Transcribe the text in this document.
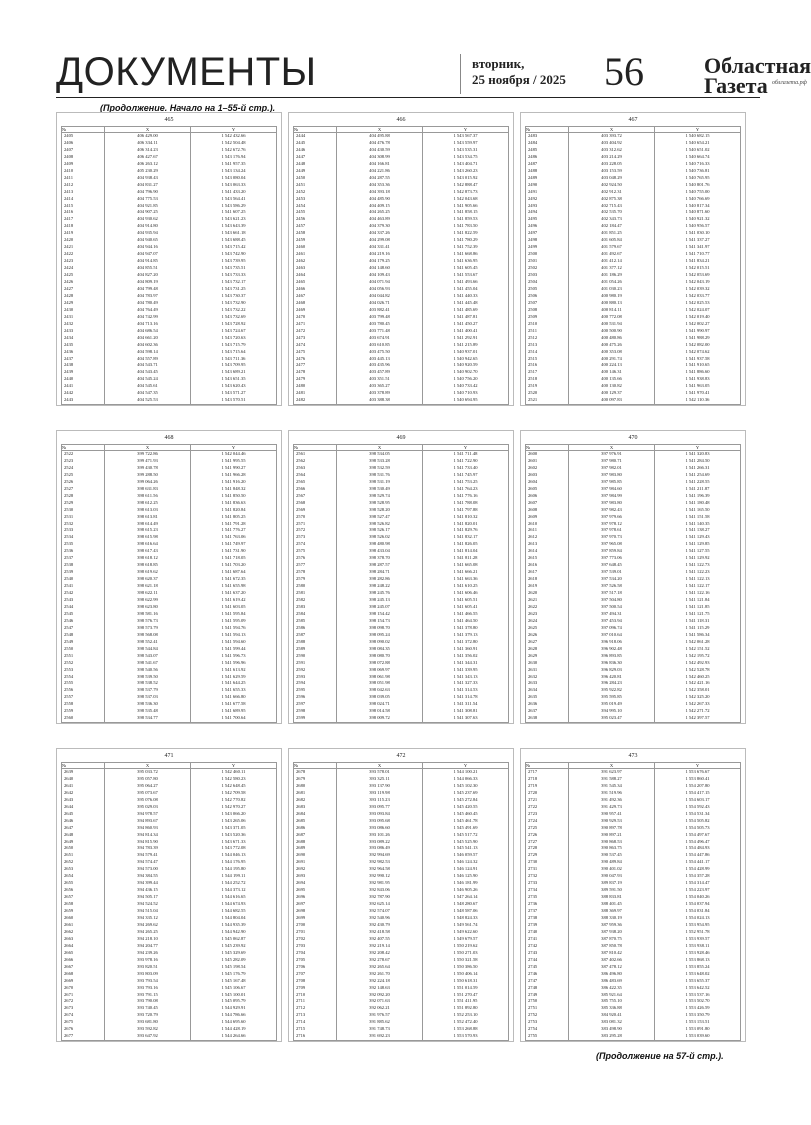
ДОКУМЕНТЫ	вторник,
25 ноября / 2025 56	Областная
Газета облгазета.рф
(Продолжение. Начало на 1–55-й стр.).
465
№	X	Y
2405	406 429.00	1 542 432.66
2406	406 334.11	1 542 504.48
2407	406 314.23	1 542 672.76
2408	406 427.67	1 543 176.94
2409	406 263.12	1 541 957.35
2410	405 230.29	1 543 134.24
2411	404 938.43	1 543 080.04
2412	404 831.27	1 543 063.33
2413	404 796.90	1 541 433.20
2414	404 775.53	1 543 564.41
2415	404 921.85	1 543 586.29
2416	404 907.25	1 541 607.25
2417	404 930.62	1 543 621.23
2418	404 914.80	1 543 643.39
2419	404 935.94	1 543 661.18
2420	404 940.65	1 543 688.45
2421	404 944.16	1 543 715.42
2422	404 947.07	1 543 742.90
2423	404 914.85	1 543 739.95
2424	404 855.51	1 543 735.51
2425	404 827.20	1 543 733.33
2426	404 809.19	1 543 732.17
2427	404 799.48	1 543 731.25
2428	404 783.97	1 543 730.37
2429	404 780.49	1 543 732.90
2430	404 764.49	1 543 732.22
2431	404 742.99	1 543 732.69
2432	404 713.16	1 543 728.92
2433	404 686.54	1 543 724.67
2434	404 661.20	1 543 720.63
2435	404 602.36	1 543 715.79
2436	404 598.14	1 543 715.64
2437	404 557.89	1 543 711.36
2438	404 543.71	1 543 709.95
2439	404 543.45	1 543 689.21
2440	404 545.24	1 543 651.35
2441	404 545.61	1 543 620.43
2442	404 547.35	1 543 571.27
2443	404 525.53	1 543 570.51
466
№	X	Y
2444	404 495.88	1 543 567.37
2445	404 476.78	1 543 559.97
2446	404 430.59	1 543 535.31
2447	404 308.99	1 543 534.75
2448	404 166.81	1 543 404.71
2449	404 221.86	1 543 260.23
2450	404 287.55	1 543 015.92
2451	404 353.36	1 542 888.47
2452	404 393.18	1 542 873.73
2453	404 485.90	1 542 043.68
2454	404 409.15	1 541 905.66
2455	404 265.25	1 541 858.15
2456	404 463.89	1 541 859.53
2457	404 379.30	1 541 783.50
2458	404 337.26	1 541 822.59
2459	404 299.08	1 541 780.29
2460	404 331.41	1 541 752.39
2461	404 219.16	1 541 668.86
2462	404 179.25	1 541 636.95
2463	404 148.60	1 541 605.45
2464	404 109.43	1 541 553.67
2465	404 071.94	1 541 493.66
2466	404 056.93	1 541 455.04
2467	404 044.82	1 541 440.33
2468	404 026.71	1 541 445.48
2469	403 882.41	1 541 485.69
2470	403 799.48	1 541 487.81
2471	403 780.45	1 541 450.27
2472	403 771.48	1 541 400.41
2473	403 674.91	1 541 292.91
2474	403 610.85	1 541 215.89
2475	403 475.50	1 540 937.01
2476	403 445.13	1 540 942.65
2477	403 435.96	1 540 920.59
2478	403 457.89	1 540 902.70
2479	403 351.51	1 540 756.20
2480	403 365.27	1 540 733.42
2481	403 378.89	1 540 710.93
2482	403 388.38	1 540 694.95
467
№	X	Y
2483	403 393.72	1 540 682.15
2484	403 404.92	1 540 654.21
2485	403 312.62	1 540 651.02
2486	403 214.29	1 540 664.74
2487	403 228.05	1 540 716.33
2488	403 153.59	1 540 736.81
2489	403 048.29	1 540 765.95
2490	402 924.50	1 540 801.76
2491	402 912.31	1 540 755.00
2492	402 875.38	1 540 766.69
2493	402 715.43	1 540 817.34
2494	402 535.70	1 540 871.60
2495	402 343.73	1 540 921.32
2496	402 184.47	1 540 956.57
2497	401 851.25	1 541 030.10
2498	401 605.84	1 541 337.27
2499	401 579.67	1 541 341.97
2500	401 492.67	1 541 710.77
2501	401 412.14	1 541 834.21
2502	401 377.12	1 542 015.51
2503	401 186.29	1 542 053.69
2504	401 054.26	1 542 043.19
2505	401 030.23	1 542 039.32
2506	400 980.19	1 542 033.77
2507	400 880.13	1 542 025.53
2508	400 814.11	1 542 024.07
2509	400 772.08	1 542 019.40
2510	400 531.94	1 542 002.27
2511	400 500.90	1 541 990.97
2512	400 480.86	1 541 988.29
2513	400 475.26	1 542 082.00
2514	400 353.08	1 542 074.62
2515	400 291.74	1 541 937.58
2516	400 224.13	1 541 910.65
2517	400 146.31	1 541 886.60
2518	400 135.66	1 541 938.83
2519	400 130.82	1 541 963.05
2520	400 129.37	1 541 970.41
2521	400 097.83	1 542 110.36
468
№	X	Y
2522	399 722.86	1 542 044.46
2523	399 471.93	1 541 995.55
2524	399 430.78	1 541 990.27
2525	399 288.50	1 541 966.28
2526	399 064.26	1 541 916.20
2527	398 631.83	1 541 848.32
2528	398 611.56	1 541 850.50
2529	398 612.25	1 541 836.63
2530	398 613.03	1 541 820.84
2531	398 613.81	1 541 805.25
2532	398 614.49	1 541 791.28
2533	398 615.23	1 541 776.27
2534	398 615.98	1 541 763.06
2535	398 616.64	1 541 749.97
2536	398 617.43	1 541 731.90
2537	398 618.12	1 541 718.05
2538	398 618.85	1 541 703.20
2539	398 619.62	1 541 687.64
2540	398 620.37	1 541 672.35
2541	398 621.18	1 541 655.98
2542	398 622.11	1 541 637.20
2543	398 622.99	1 541 619.42
2544	398 623.80	1 541 603.05
2545	398 581.16	1 541 595.84
2546	398 576.73	1 541 595.09
2547	398 573.79	1 541 594.76
2548	398 568.08	1 541 594.13
2549	398 552.41	1 541 594.60
2550	398 544.84	1 541 599.44
2551	398 543.07	1 541 596.73
2552	398 541.67	1 541 596.96
2553	398 540.56	1 541 613.92
2554	398 539.50	1 541 629.59
2555	398 538.52	1 541 644.25
2556	398 537.79	1 541 655.33
2557	398 537.03	1 541 666.80
2558	398 536.30	1 541 677.58
2559	398 535.48	1 541 689.95
2560	398 534.77	1 541 700.64
469
№	X	Y
2561	398 534.05	1 541 711.48
2562	398 533.28	1 541 722.90
2563	398 532.59	1 541 733.40
2564	398 531.76	1 541 745.97
2565	398 531.19	1 541 753.25
2566	398 530.49	1 541 764.23
2567	398 529.74	1 541 776.16
2568	398 528.95	1 541 788.08
2569	398 528.20	1 541 797.88
2570	398 527.47	1 541 810.32
2571	398 526.82	1 541 820.01
2572	398 526.17	1 541 829.76
2573	398 526.02	1 541 832.17
2574	398 480.98	1 541 826.05
2575	398 433.04	1 541 814.04
2576	398 378.70	1 541 811.28
2577	398 287.57	1 541 665.08
2578	398 284.71	1 541 666.21
2579	398 282.86	1 541 663.36
2580	398 248.22	1 541 610.25
2581	398 245.76	1 541 606.46
2582	398 245.13	1 541 605.51
2583	398 245.07	1 541 605.41
2584	398 154.42	1 541 466.55
2585	398 154.73	1 541 464.50
2586	398 098.70	1 541 378.80
2587	398 095.24	1 541 379.13
2588	398 090.02	1 541 372.80
2589	398 084.35	1 541 360.91
2590	398 080.70	1 541 356.02
2591	398 072.88	1 541 344.31
2592	398 069.97	1 541 339.95
2593	398 061.98	1 541 343.13
2594	398 051.98	1 541 327.33
2595	398 042.63	1 541 314.53
2596	398 039.05	1 541 314.78
2597	398 024.71	1 541 311.54
2598	398 014.58	1 541 308.81
2599	398 009.72	1 541 307.63
470
№	X	Y
2600	397 976.91	1 541 320.83
2601	397 980.71	1 541 284.50
2602	397 982.01	1 541 266.31
2603	397 983.80	1 541 254.69
2604	397 985.85	1 541 228.55
2605	397 984.60	1 541 211.87
2606	397 984.99	1 541 196.39
2607	397 983.80	1 541 180.48
2608	397 982.43	1 541 165.50
2609	397 979.66	1 541 151.58
2610	397 978.12	1 541 140.35
2611	397 978.61	1 541 138.27
2612	397 970.73	1 541 129.43
2613	397 965.08	1 541 129.85
2614	397 859.84	1 541 127.55
2615	397 773.06	1 541 129.92
2616	397 648.45	1 541 122.73
2617	397 539.01	1 541 122.23
2618	397 534.20	1 541 122.13
2619	397 526.58	1 541 122.17
2620	397 517.18	1 541 122.16
2621	397 504.80	1 541 121.84
2622	397 500.54	1 541 121.85
2623	397 494.31	1 541 121.75
2624	397 453.94	1 541 118.31
2625	397 096.74	1 541 115.29
2626	397 010.64	1 541 586.34
2627	396 918.06	1 542 061.28
2628	396 902.48	1 542 151.52
2629	396 893.85	1 542 195.72
2630	396 836.30	1 542 492.93
2631	396 829.03	1 542 528.78
2632	396 420.81	1 542 460.25
2633	396 284.23	1 542 421.16
2634	395 922.82	1 542 358.01
2635	395 595.85	1 542 325.20
2636	395 019.49	1 542 267.33
2637	394 995.10	1 542 271.72
2638	395 023.47	1 542 397.57
471
№	X	Y
2639	395 033.72	1 542 460.11
2640	395 057.80	1 542 580.23
2641	395 064.27	1 542 648.45
2642	395 073.67	1 542 709.58
2643	395 076.08	1 542 770.82
2644	395 029.03	1 542 970.27
2645	394 978.57	1 543 066.20
2646	394 893.67	1 543 265.06
2647	394 860.93	1 543 371.05
2648	394 814.34	1 543 520.36
2649	394 815.90	1 543 671.33
2650	394 783.39	1 543 772.08
2651	394 579.41	1 544 046.13
2652	394 574.47	1 544 176.95
2653	394 573.00	1 544 195.80
2654	394 384.55	1 544 199.11
2655	394 399.44	1 544 252.72
2656	394 436.15	1 544 373.12
2657	394 505.17	1 544 616.65
2658	394 524.52	1 544 674.93
2659	394 515.04	1 544 682.55
2660	394 335.12	1 544 804.04
2661	394 269.62	1 544 935.39
2662	394 265.25	1 544 942.90
2663	394 218.10	1 545 062.87
2664	394 204.77	1 545 239.92
2665	394 239.26	1 545 329.69
2666	393 978.16	1 545 282.09
2667	393 820.51	1 545 198.54
2668	393 803.09	1 545 176.79
2669	393 793.54	1 545 167.48
2670	393 793.16	1 545 106.67
2671	393 791.15	1 545 100.01
2672	393 790.08	1 545 095.79
2673	393 740.45	1 544 929.91
2674	393 720.79	1 544 786.66
2675	393 681.80	1 544 695.60
2676	393 592.82	1 544 428.19
2677	393 647.92	1 544 264.66
472
№	X	Y
2678	393 578.01	1 544 100.21
2679	393 325.11	1 544 066.33
2680	393 137.90	1 545 102.30
2681	393 119.98	1 545 237.69
2682	393 115.23	1 545 272.84
2683	393 095.77	1 545 420.55
2684	393 093.84	1 545 460.45
2685	393 095.68	1 545 461.78
2686	393 086.60	1 545 491.69
2687	393 101.26	1 545 517.72
2688	393 089.22	1 545 525.90
2689	393 086.49	1 545 541.13
2690	392 994.69	1 546 059.57
2691	392 982.53	1 546 124.32
2692	392 964.58	1 546 124.91
2693	392 990.12	1 546 125.90
2694	392 981.95	1 546 181.99
2695	392 843.06	1 546 905.26
2696	392 787.90	1 547 264.14
2697	392 625.14	1 548 280.67
2698	392 574.07	1 548 587.06
2699	392 540.96	1 548 824.33
2700	392 430.79	1 549 561.74
2701	392 418.58	1 549 622.60
2702	392 407.55	1 549 679.57
2703	392 219.14	1 550 219.62
2704	392 208.42	1 550 271.03
2705	392 278.67	1 550 321.58
2706	392 265.64	1 550 386.50
2707	392 261.70	1 550 406.14
2708	392 224.18	1 550 618.31
2709	392 148.63	1 551 014.59
2710	392 092.20	1 551 270.47
2711	392 071.63	1 551 411.95
2712	392 062.21	1 551 892.80
2713	391 976.57	1 552 253.10
2714	391 885.62	1 552 472.40
2715	391 748.73	1 553 268.88
2716	391 692.23	1 553 570.93
473
№	X	Y
2717	391 623.97	1 553 676.67
2718	391 588.27	1 553 860.41
2719	391 545.34	1 554 207.80
2720	391 519.96	1 554 417.15
2721	391 492.36	1 554 603.17
2722	391 429.73	1 554 592.43
2723	390 957.41	1 554 531.34
2724	390 929.53	1 554 505.82
2725	390 897.78	1 554 505.73
2726	390 897.21	1 554 497.67
2727	390 868.53	1 554 496.47
2728	390 863.75	1 554 484.93
2729	390 537.45	1 554 447.86
2730	390 489.84	1 554 441.17
2731	390 401.02	1 554 428.99
2732	390 047.93	1 554 357.28
2733	389 837.19	1 554 314.47
2734	389 591.50	1 554 223.97
2735	388 833.81	1 554 040.26
2736	388 401.45	1 554 037.94
2737	388 369.97	1 554 031.84
2738	388 330.19	1 554 024.13
2739	387 959.36	1 553 954.95
2740	387 938.20	1 552 951.78
2741	387 870.75	1 553 939.57
2742	387 850.78	1 553 938.11
2743	387 810.42	1 553 928.46
2744	387 402.66	1 553 868.13
2745	387 478.12	1 553 855.24
2746	386 496.80	1 553 648.02
2747	386 483.69	1 553 655.37
2748	386 422.35	1 553 642.52
2749	385 921.64	1 553 537.16
2750	385 755.10	1 553 502.70
2751	385 336.88	1 553 426.59
2752	384 920.41	1 553 350.79
2753	383 081.32	1 553 153.51
2754	383 498.90	1 553 091.80
2755	383 295.28	1 553 039.60
(Продолжение на 57-й стр.).
